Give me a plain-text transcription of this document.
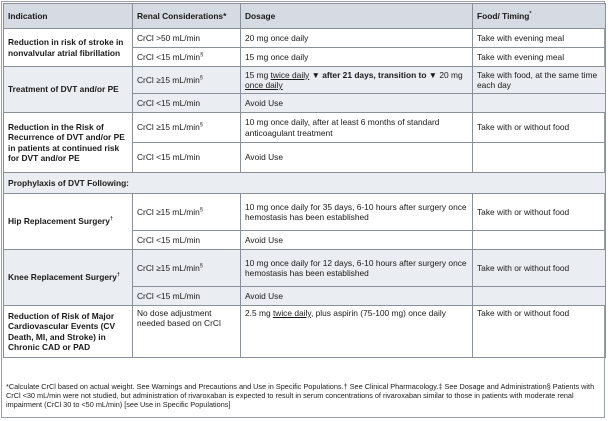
Indication	Renal Considerations*	Dosage	Food/ Timing*
Reduction in risk of stroke in nonvalvular atrial fibrillation	CrCl >50 mL/min	20 mg once daily	Take with evening meal
	CrCl <15 mL/min§	15 mg once daily	Take with evening meal
Treatment of DVT and/or PE	CrCl ≥15 mL/min§	15 mg twice daily ▼ after 21 days, transition to ▼ 20 mg once daily	Take with food, at the same time each day
	CrCl <15 mL/min	Avoid Use	
Reduction in the Risk of Recurrence of DVT and/or PE in patients at continued risk for DVT and/or PE	CrCl ≥15 mL/min§	10 mg once daily, after at least 6 months of standard anticoagulant treatment	Take with or without food
	CrCl <15 mL/min	Avoid Use	
Prophylaxis of DVT Following:			
Hip Replacement Surgery†	CrCl ≥15 mL/min§	10 mg once daily for 35 days, 6-10 hours after surgery once hemostasis has been established	Take with or without food
	CrCl <15 mL/min	Avoid Use	
Knee Replacement Surgery†	CrCl ≥15 mL/min§	10 mg once daily for 12 days, 6-10 hours after surgery once hemostasis has been established	Take with or without food
	CrCl <15 mL/min	Avoid Use	
Reduction of Risk of Major Cardiovascular Events (CV Death, MI, and Stroke) in Chronic CAD or PAD	No dose adjustment needed based on CrCl	2.5 mg twice daily, plus aspirin (75-100 mg) once daily	Take with or without food
*Calculate CrCl based on actual weight. See Warnings and Precautions and Use in Specific Populations.† See Clinical Pharmacology.‡ See Dosage and Administration§ Patients with CrCl <30 mL/min were not studied, but administration of rivaroxaban is expected to result in serum concentrations of rivaroxaban similar to those in patients with moderate renal impairment (CrCl 30 to <50 mL/min) [see Use in Specific Populations]
